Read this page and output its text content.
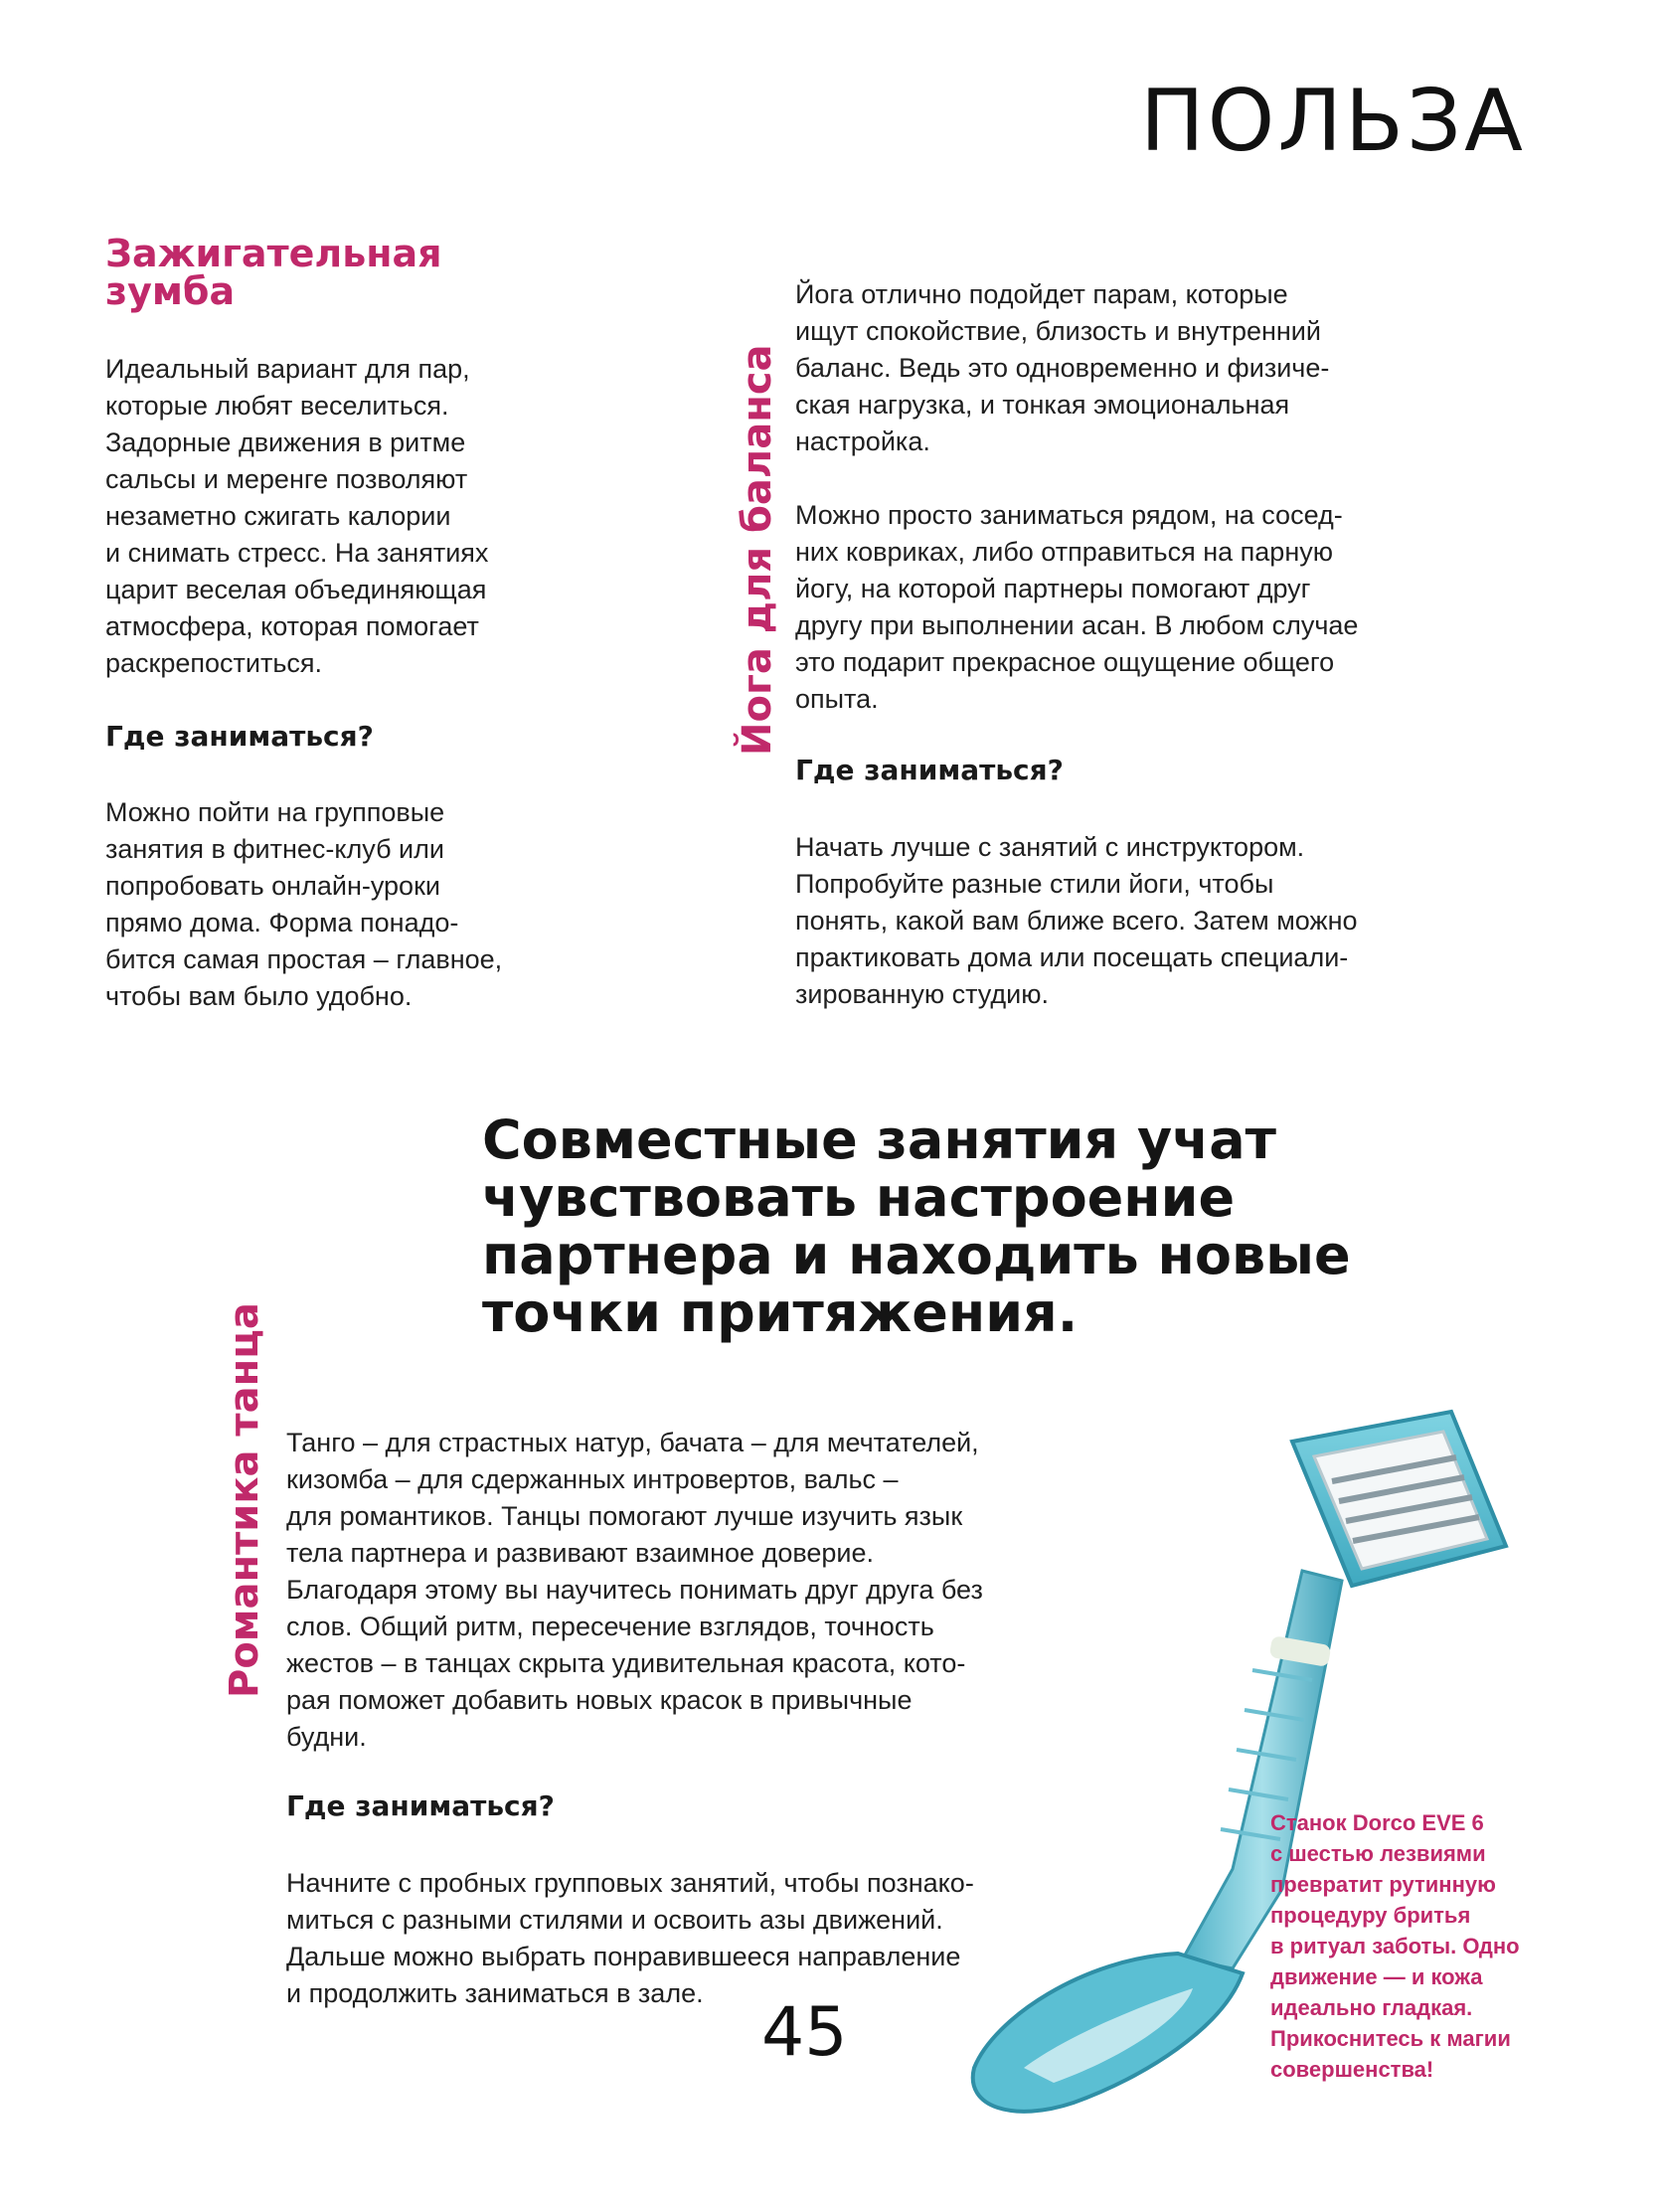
ПОЛЬЗА
Зажигательная
зумба

Идеальный вариант для пар,
которые любят веселиться.
Задорные движения в ритме
сальсы и меренге позволяют
незаметно сжигать калории
и снимать стресс. На занятиях
царит веселая объединяющая
атмосфера, которая помогает
раскрепоститься.

Где заниматься?

Можно пойти на групповые
занятия в фитнес-клуб или
попробовать онлайн-уроки
прямо дома. Форма понадо-
бится самая простая – главное,
чтобы вам было удобно.

Йога для баланса

Йога отлично подойдет парам, которые
ищут спокойствие, близость и внутренний
баланс. Ведь это одновременно и физиче-
ская нагрузка, и тонкая эмоциональная
настройка.

Можно просто заниматься рядом, на сосед-
них ковриках, либо отправиться на парную
йогу, на которой партнеры помогают друг
другу при выполнении асан. В любом случае
это подарит прекрасное ощущение общего
опыта.

Где заниматься?

Начать лучше с занятий с инструктором.
Попробуйте разные стили йоги, чтобы
понять, какой вам ближе всего. Затем можно
практиковать дома или посещать специали-
зированную студию.

Совместные занятия учат
чувствовать настроение
партнера и находить новые
точки притяжения.

Романтика танца Танго – для страстных натур, бачата – для мечтателей,
кизомба – для сдержанных интровертов, вальс –
для романтиков. Танцы помогают лучше изучить язык
тела партнера и развивают взаимное доверие.
Благодаря этому вы научитесь понимать друг друга без
слов. Общий ритм, пересечение взглядов, точность
жестов – в танцах скрыта удивительная красота, кото-
рая поможет добавить новых красок в привычные
будни.

Где заниматься?

Начните с пробных групповых занятий, чтобы познако-
миться с разными стилями и освоить азы движений.
Дальше можно выбрать понравившееся направление
и продолжить заниматься в зале.

Станок Dorco EVE 6
с шестью лезвиями
превратит рутинную
процедуру бритья
в ритуал заботы. Одно
движение — и кожа
идеально гладкая.
Прикоснитесь к магии
совершенства!

45
